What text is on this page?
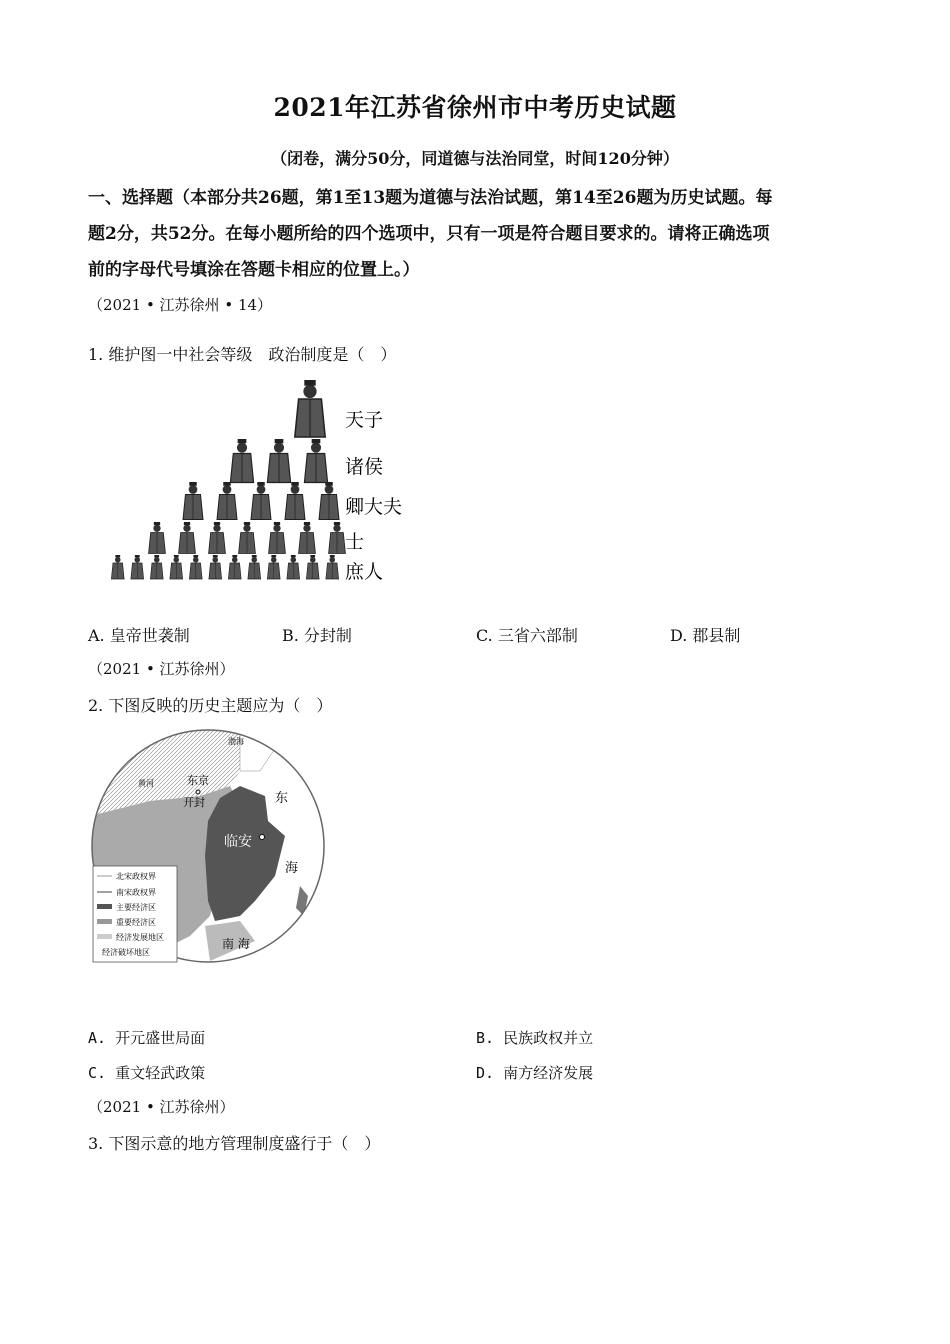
2021年江苏省徐州市中考历史试题
（闭卷，满分50分，同道德与法治同堂，时间120分钟）
一、选择题（本部分共26题，第1至13题为道德与法治试题，第14至26题为历史试题。每
题2分，共52分。在每小题所给的四个选项中，只有一项是符合题目要求的。请将正确选项
前的字母代号填涂在答题卡相应的位置上。）
（2021 • 江苏徐州 • 14）
1. 维护图一中社会等级　政治制度是（　）
天子
诸侯
卿大夫
士
庶人
A. 皇帝世袭制	B. 分封制	C. 三省六部制	D. 郡县制
（2021 • 江苏徐州）
2. 下图反映的历史主题应为（　）
渤海
黄河	东京
开封
临安
东
海
南 海
北宋政权界
南宋政权界
主要经济区
重要经济区
经济发展地区
经济破坏地区
A. 开元盛世局面	B. 民族政权并立
C. 重文轻武政策	D. 南方经济发展
（2021 • 江苏徐州）
3. 下图示意的地方管理制度盛行于（　）
